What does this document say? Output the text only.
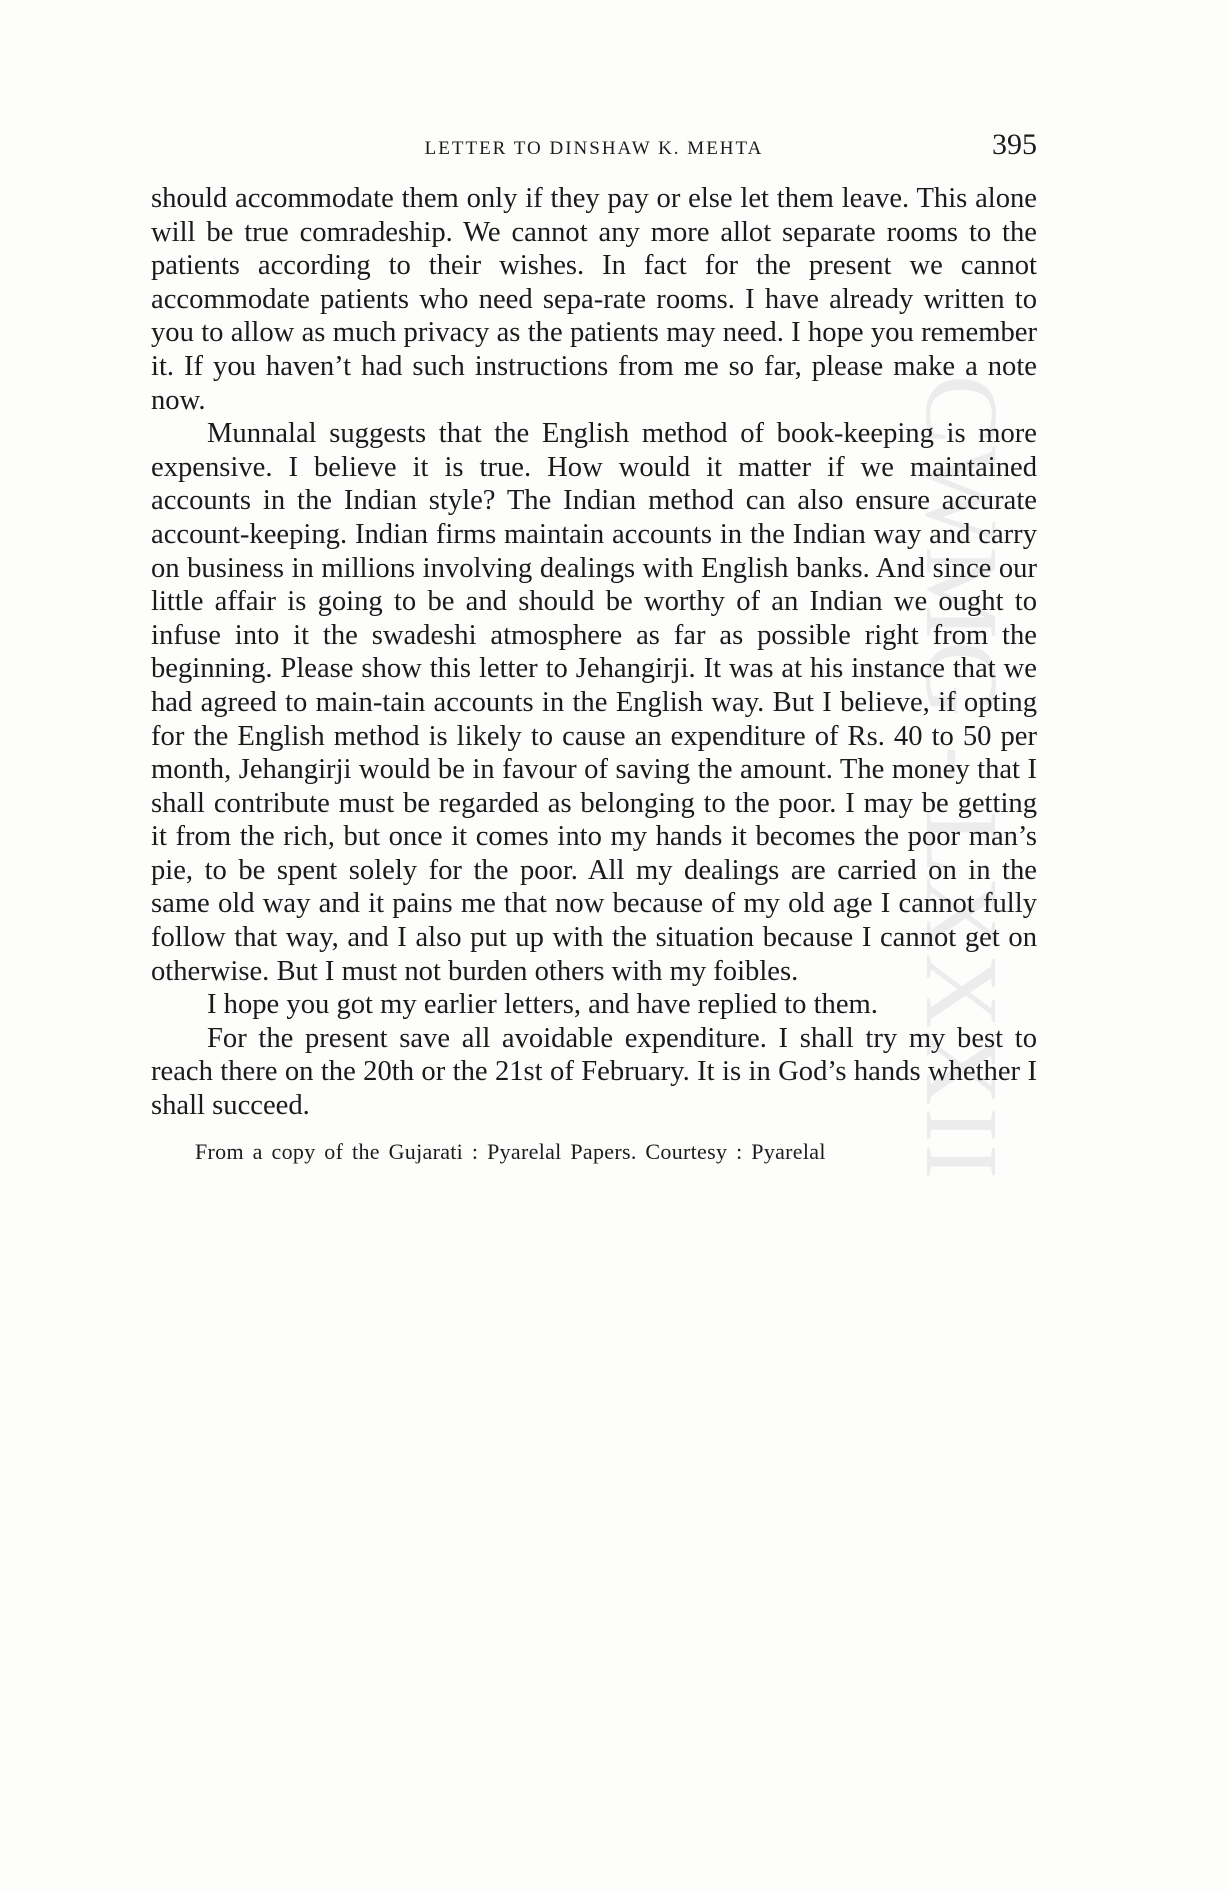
CWMG - LXXXII
LETTER TO DINSHAW K. MEHTA	395

should accommodate them only if they pay or else let them leave. This alone will be true comradeship. We cannot any more allot separate rooms to the patients according to their wishes. In fact for the present we cannot accommodate patients who need sepa-rate rooms. I have already written to you to allow as much privacy as the patients may need. I hope you remember it. If you haven’t had such instructions from me so far, please make a note now.

Munnalal suggests that the English method of book-keeping is more expensive. I believe it is true. How would it matter if we maintained accounts in the Indian style? The Indian method can also ensure accurate account-keeping. Indian firms maintain accounts in the Indian way and carry on business in millions involving dealings with English banks. And since our little affair is going to be and should be worthy of an Indian we ought to infuse into it the swadeshi atmosphere as far as possible right from the beginning. Please show this letter to Jehangirji. It was at his instance that we had agreed to main-tain accounts in the English way. But I believe, if opting for the English method is likely to cause an expenditure of Rs. 40 to 50 per month, Jehangirji would be in favour of saving the amount. The money that I shall contribute must be regarded as belonging to the poor. I may be getting it from the rich, but once it comes into my hands it becomes the poor man’s pie, to be spent solely for the poor. All my dealings are carried on in the same old way and it pains me that now because of my old age I cannot fully follow that way, and I also put up with the situation because I cannot get on otherwise. But I must not burden others with my foibles.

I hope you got my earlier letters, and have replied to them.

For the present save all avoidable expenditure. I shall try my best to reach there on the 20th or the 21st of February. It is in God’s hands whether I shall succeed.

From a copy of the Gujarati : Pyarelal Papers. Courtesy : Pyarelal
